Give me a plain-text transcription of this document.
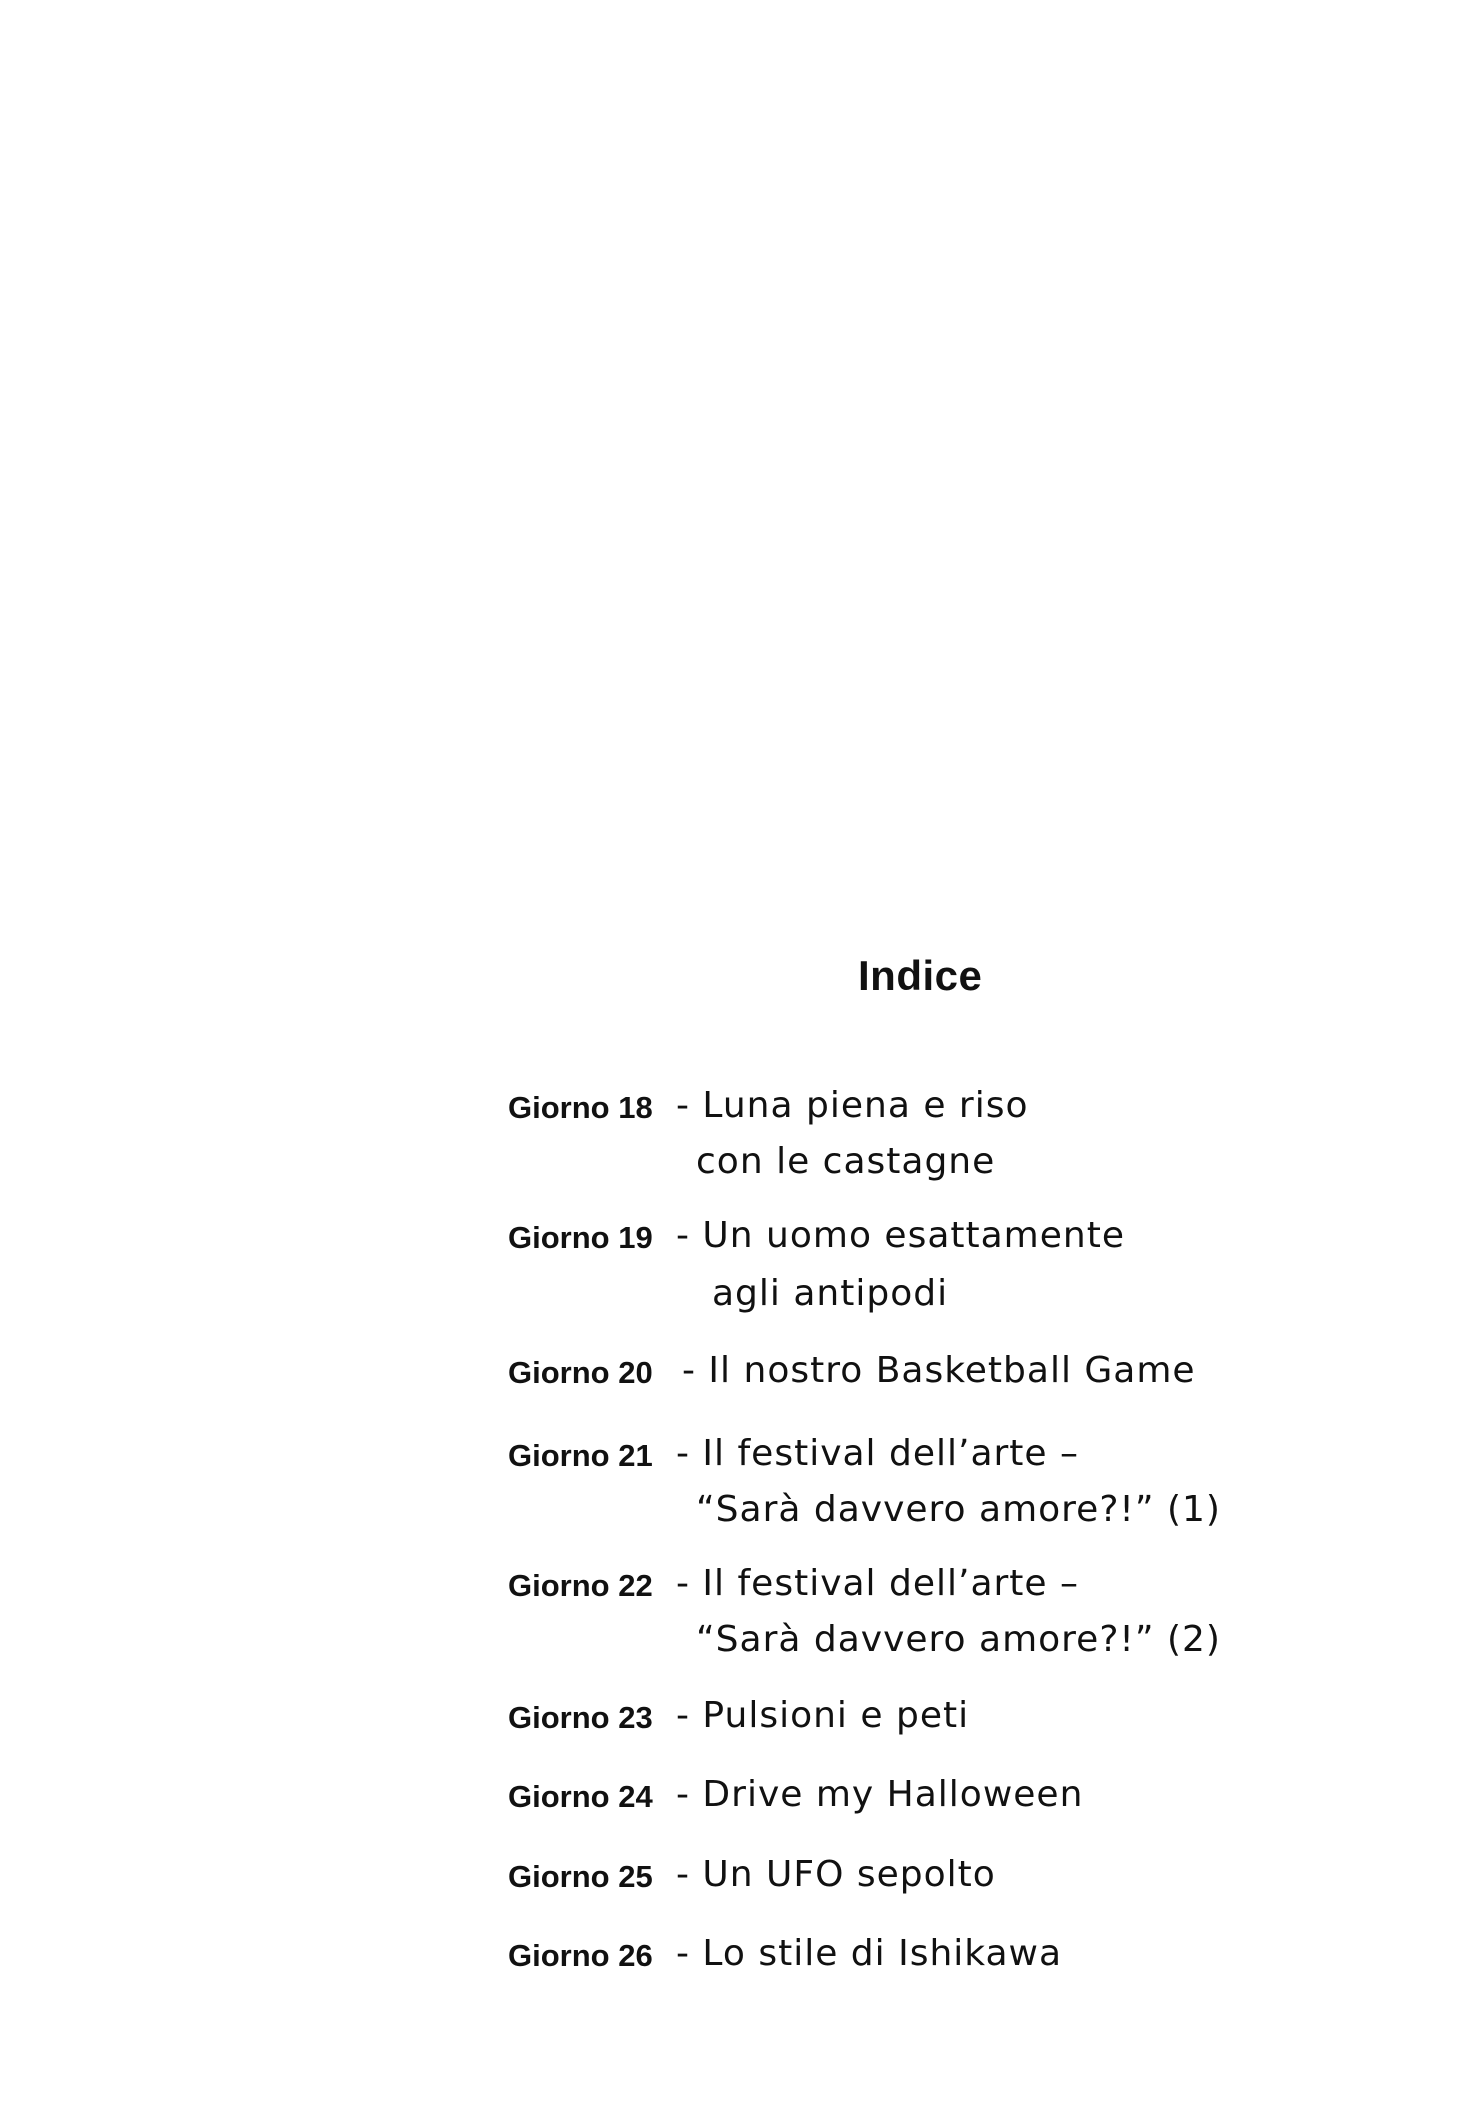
Indice
Giorno 18 - Luna piena e riso
con le castagne
Giorno 19 - Un uomo esattamente
agli antipodi
Giorno 20 - Il nostro Basketball Game
Giorno 21 - Il festival dell’arte –
“Sarà davvero amore?!” (1)
Giorno 22 - Il festival dell’arte –
“Sarà davvero amore?!” (2)
Giorno 23 - Pulsioni e peti
Giorno 24 - Drive my Halloween
Giorno 25 - Un UFO sepolto
Giorno 26 - Lo stile di Ishikawa
